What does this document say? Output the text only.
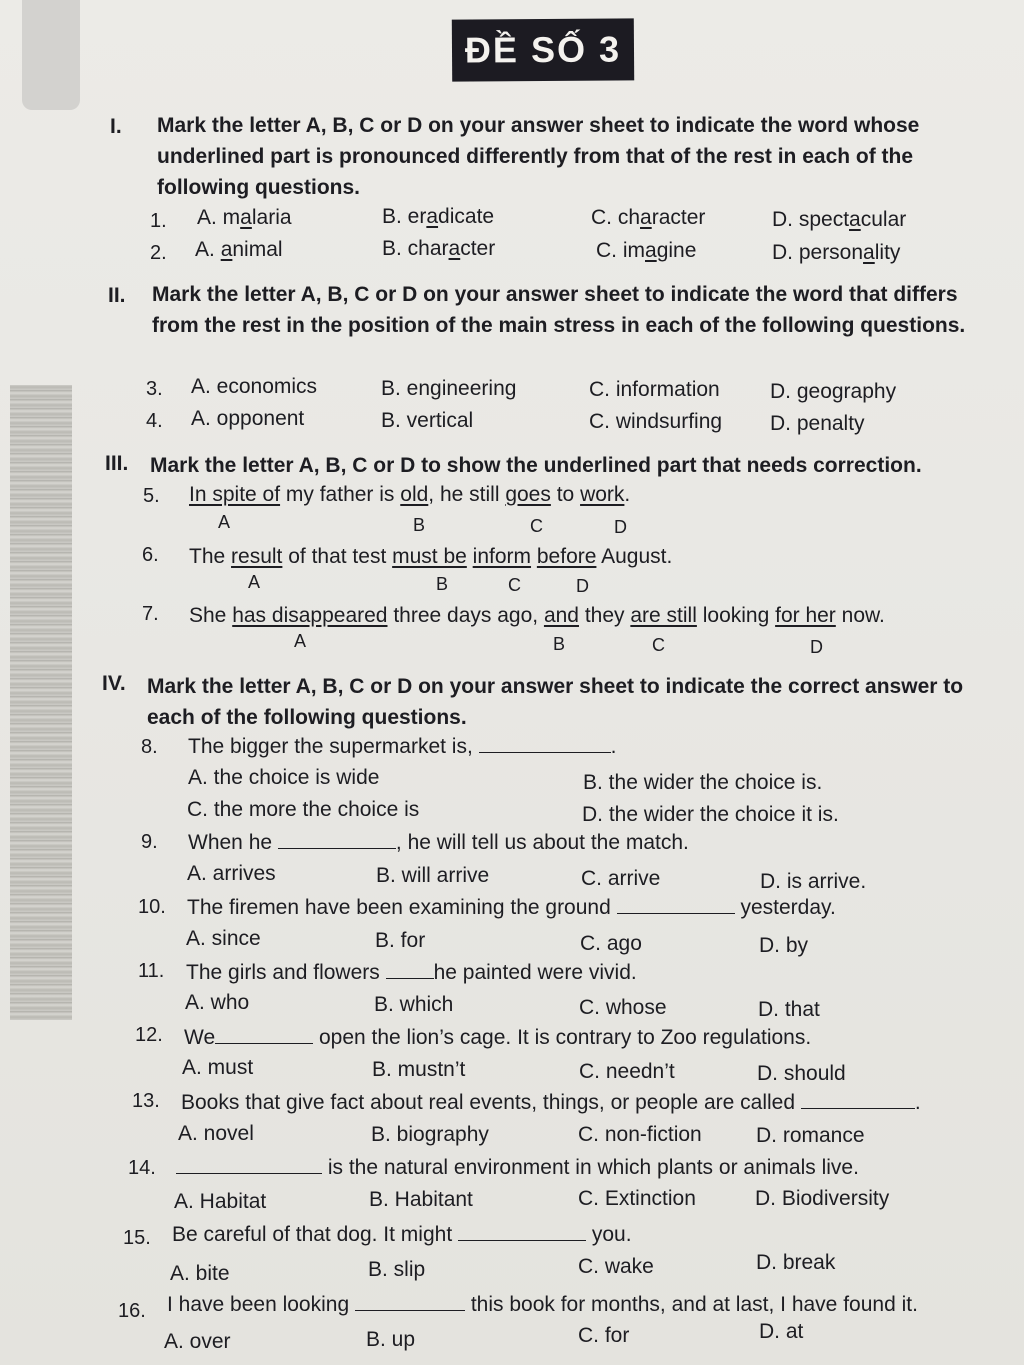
ĐỀ SỐ 3
I. Mark the letter A, B, C or D on your answer sheet to indicate the word whose underlined part is pronounced differently from that of the rest in each of the following questions.
1. A. malaria	B. eradicate	C. character	D. spectacular
2. A. animal	B. character	C. imagine	D. personality
II. Mark the letter A, B, C or D on your answer sheet to indicate the word that differs from the rest in the position of the main stress in each of the following questions.
3. A. economics	B. engineering	C. information D. geography
4. A. opponent	B. vertical	C. windsurfing D. penalty
III. Mark the letter A, B, C or D to show the underlined part that needs correction.
5. In spite of my father is old, he still goes to work.
A	B	C	D
6. The result of that test must be inform before August.
A	B	C	D
7. She has disappeared three days ago, and they are still looking for her now.
A	B	C	D
IV. Mark the letter A, B, C or D on your answer sheet to indicate the correct answer to each of the following questions.
8. The bigger the supermarket is,	.
A. the choice is wide	B. the wider the choice is.
C. the more the choice is	D. the wider the choice it is.
9. When he	, he will tell us about the match.
A. arrives	B. will arrive	C. arrive	D. is arrive.
10. The firemen have been examining the ground	yesterday.
A. since	B. for	C. ago	D. by
11. The girls and flowers	he painted were vivid.
A. who	B. which	C. whose	D. that
12. We	open the lion’s cage. It is contrary to Zoo regulations.
A. must	B. mustn’t	C. needn’t	D. should
13. Books that give fact about real events, things, or people are called	.
A. novel	B. biography	C. non-fiction	D. romance
14.	is the natural environment in which plants or animals live.
A. Habitat	B. Habitant	C. Extinction	D. Biodiversity
15. Be careful of that dog. It might	you.
A. bite	B. slip	C. wake	D. break
16. I have been looking	this book for months, and at last, I have found it.
A. over	B. up	C. for	D. at
